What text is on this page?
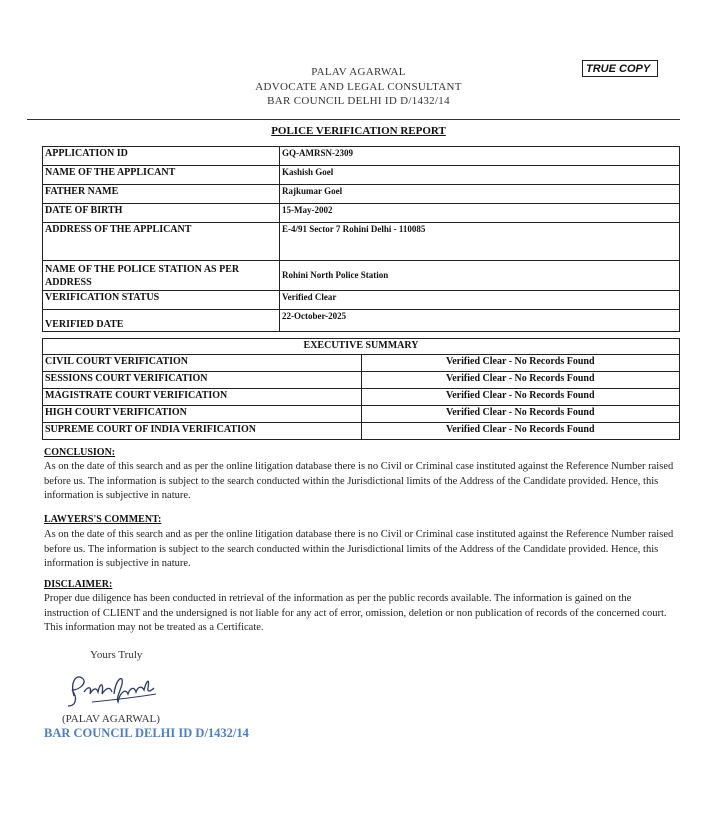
PALAV AGARWAL
ADVOCATE AND LEGAL CONSULTANT
BAR COUNCIL DELHI ID D/1432/14
TRUE COPY
POLICE VERIFICATION REPORT
APPLICATION ID	GQ-AMRSN-2309
NAME OF THE APPLICANT	Kashish Goel
FATHER NAME	Rajkumar Goel
DATE OF BIRTH	15-May-2002
ADDRESS OF THE APPLICANT	E-4/91 Sector 7 Rohini Delhi - 110085
NAME OF THE POLICE STATION AS PER ADDRESS	Rohini North Police Station
VERIFICATION STATUS	Verified Clear
VERIFIED DATE	22-October-2025
EXECUTIVE SUMMARY	
CIVIL COURT VERIFICATION	Verified Clear - No Records Found
SESSIONS COURT VERIFICATION	Verified Clear - No Records Found
MAGISTRATE COURT VERIFICATION	Verified Clear - No Records Found
HIGH COURT VERIFICATION	Verified Clear - No Records Found
SUPREME COURT OF INDIA VERIFICATION	Verified Clear - No Records Found
CONCLUSION:
As on the date of this search and as per the online litigation database there is no Civil or Criminal case instituted against the Reference Number raised before us. The information is subject to the search conducted within the Jurisdictional limits of the Address of the Candidate provided. Hence, this information is subjective in nature.
LAWYERS'S COMMENT:
As on the date of this search and as per the online litigation database there is no Civil or Criminal case instituted against the Reference Number raised before us. The information is subject to the search conducted within the Jurisdictional limits of the Address of the Candidate provided. Hence, this information is subjective in nature.
DISCLAIMER:
Proper due diligence has been conducted in retrieval of the information as per the public records available. The information is gained on the instruction of CLIENT and the undersigned is not liable for any act of error, omission, deletion or non publication of records of the concerned court. This information may not be treated as a Certificate.
Yours Truly
(PALAV AGARWAL)
BAR COUNCIL DELHI ID D/1432/14
